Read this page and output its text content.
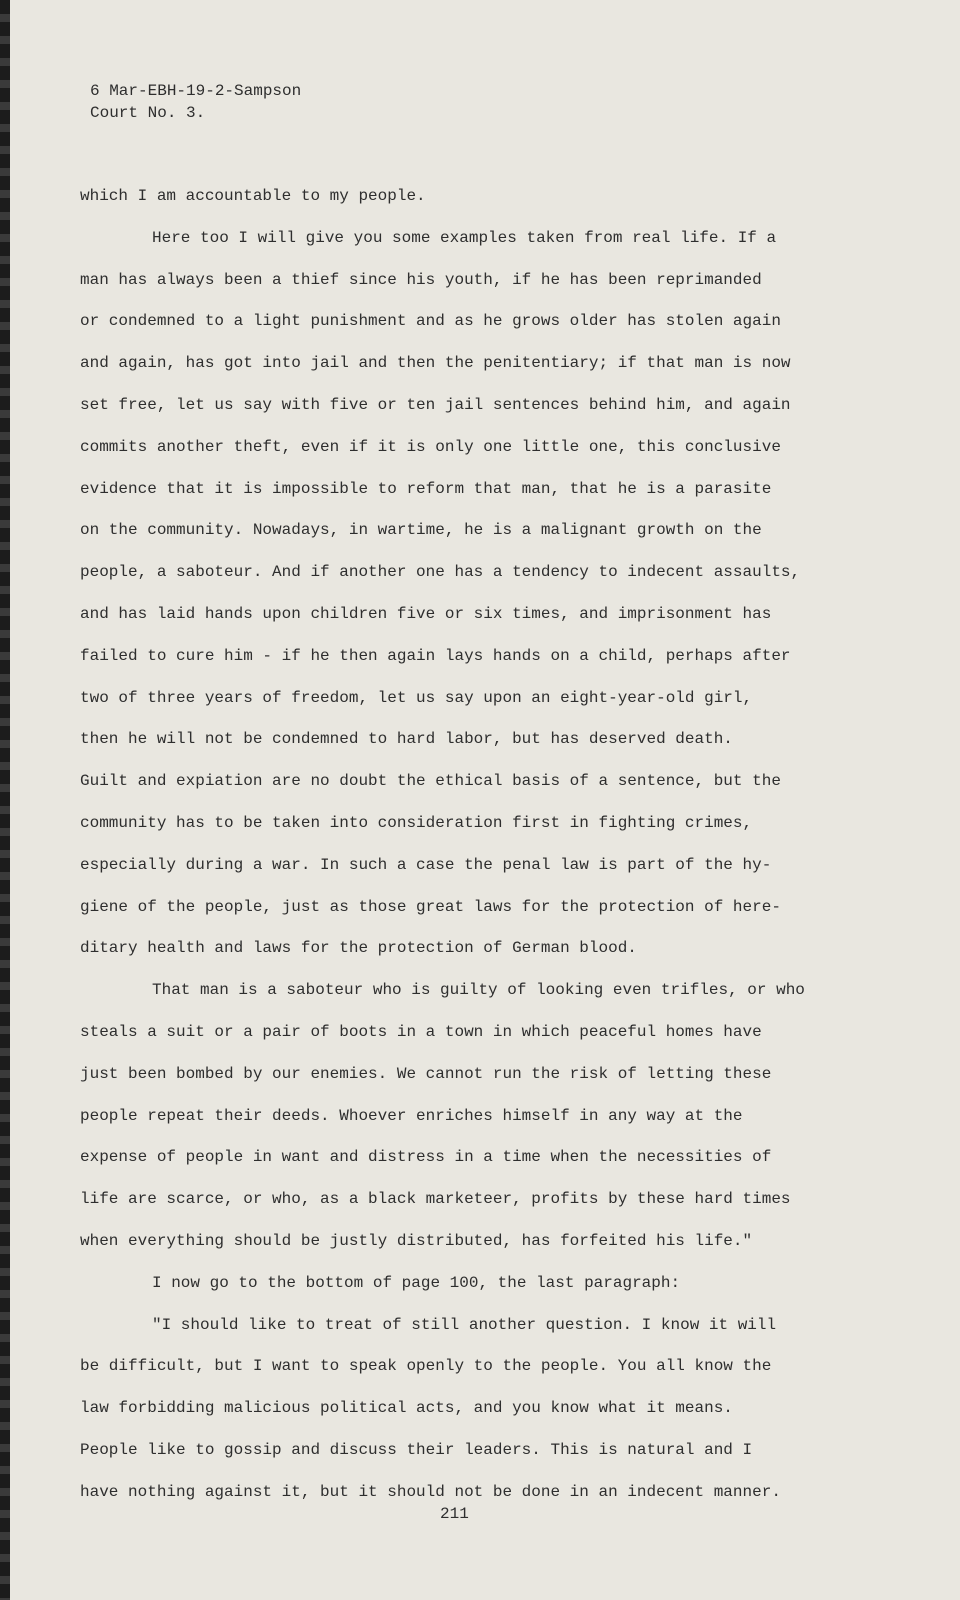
6 Mar-EBH-19-2-Sampson
Court No. 3.
which I am accountable to my people.
Here too I will give you some examples taken from real life. If a
man has always been a thief since his youth, if he has been reprimanded
or condemned to a light punishment and as he grows older has stolen again
and again, has got into jail and then the penitentiary; if that man is now
set free, let us say with five or ten jail sentences behind him, and again
commits another theft, even if it is only one little one, this conclusive
evidence that it is impossible to reform that man, that he is a parasite
on the community. Nowadays, in wartime, he is a malignant growth on the
people, a saboteur. And if another one has a tendency to indecent assaults,
and has laid hands upon children five or six times, and imprisonment has
failed to cure him - if he then again lays hands on a child, perhaps after
two of three years of freedom, let us say upon an eight-year-old girl,
then he will not be condemned to hard labor, but has deserved death.
Guilt and expiation are no doubt the ethical basis of a sentence, but the
community has to be taken into consideration first in fighting crimes,
especially during a war. In such a case the penal law is part of the hy-
giene of the people, just as those great laws for the protection of here-
ditary health and laws for the protection of German blood.
That man is a saboteur who is guilty of looking even trifles, or who
steals a suit or a pair of boots in a town in which peaceful homes have
just been bombed by our enemies. We cannot run the risk of letting these
people repeat their deeds. Whoever enriches himself in any way at the
expense of people in want and distress in a time when the necessities of
life are scarce, or who, as a black marketeer, profits by these hard times
when everything should be justly distributed, has forfeited his life."
I now go to the bottom of page 100, the last paragraph:
"I should like to treat of still another question. I know it will
be difficult, but I want to speak openly to the people. You all know the
law forbidding malicious political acts, and you know what it means.
People like to gossip and discuss their leaders. This is natural and I
have nothing against it, but it should not be done in an indecent manner.
211
